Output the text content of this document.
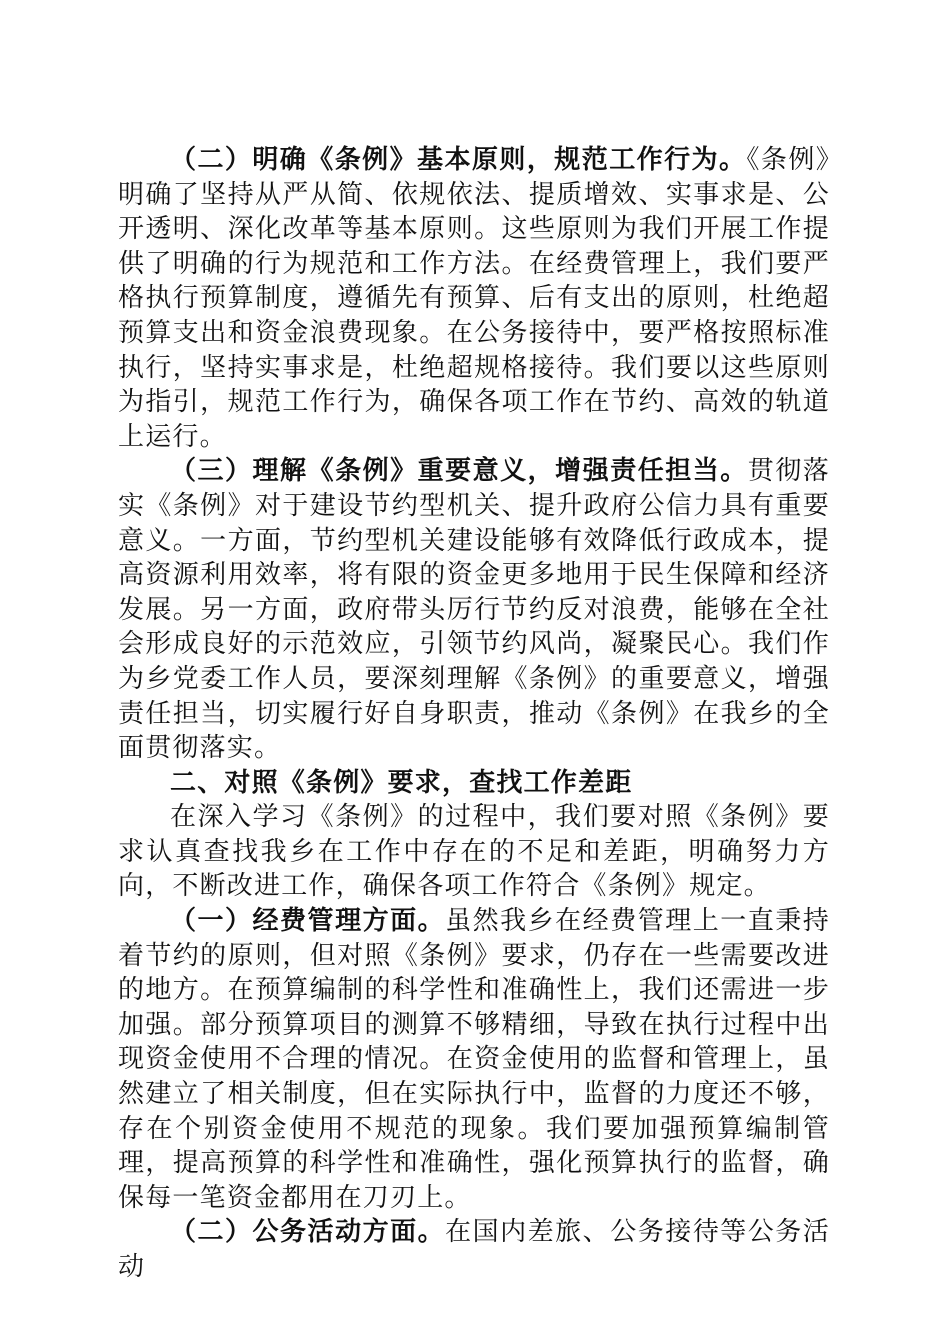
（二）明确《条例》基本原则，规范工作行为。《条例》明确了坚持从严从简、依规依法、提质增效、实事求是、公开透明、深化改革等基本原则。这些原则为我们开展工作提供了明确的行为规范和工作方法。在经费管理上，我们要严格执行预算制度，遵循先有预算、后有支出的原则，杜绝超预算支出和资金浪费现象。在公务接待中，要严格按照标准执行，坚持实事求是，杜绝超规格接待。我们要以这些原则为指引，规范工作行为，确保各项工作在节约、高效的轨道上运行。

（三）理解《条例》重要意义，增强责任担当。贯彻落实《条例》对于建设节约型机关、提升政府公信力具有重要意义。一方面，节约型机关建设能够有效降低行政成本，提高资源利用效率，将有限的资金更多地用于民生保障和经济发展。另一方面，政府带头厉行节约反对浪费，能够在全社会形成良好的示范效应，引领节约风尚，凝聚民心。我们作为乡党委工作人员，要深刻理解《条例》的重要意义，增强责任担当，切实履行好自身职责，推动《条例》在我乡的全面贯彻落实。

二、对照《条例》要求，查找工作差距

在深入学习《条例》的过程中，我们要对照《条例》要求认真查找我乡在工作中存在的不足和差距，明确努力方向，不断改进工作，确保各项工作符合《条例》规定。

（一）经费管理方面。虽然我乡在经费管理上一直秉持着节约的原则，但对照《条例》要求，仍存在一些需要改进的地方。在预算编制的科学性和准确性上，我们还需进一步加强。部分预算项目的测算不够精细，导致在执行过程中出现资金使用不合理的情况。在资金使用的监督和管理上，虽然建立了相关制度，但在实际执行中，监督的力度还不够，存在个别资金使用不规范的现象。我们要加强预算编制管理，提高预算的科学性和准确性，强化预算执行的监督，确保每一笔资金都用在刀刃上。

（二）公务活动方面。在国内差旅、公务接待等公务活动
